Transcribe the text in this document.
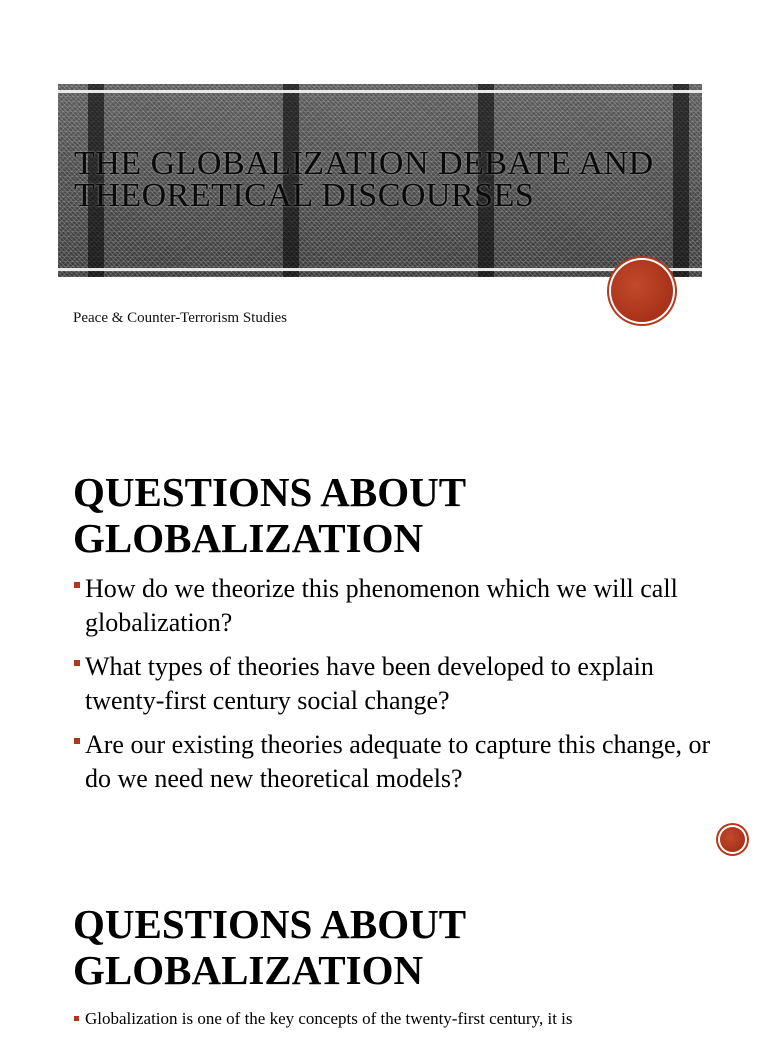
THE GLOBALIZATION DEBATE AND THEORETICAL DISCOURSES
Peace & Counter-Terrorism Studies
QUESTIONS ABOUT GLOBALIZATION
How do we theorize this phenomenon which we will call globalization?
What types of theories have been developed to explain twenty-first century social change?
Are our existing theories adequate to capture this change, or do we need new theoretical models?
QUESTIONS ABOUT GLOBALIZATION
Globalization is one of the key concepts of the twenty-first century, it is
